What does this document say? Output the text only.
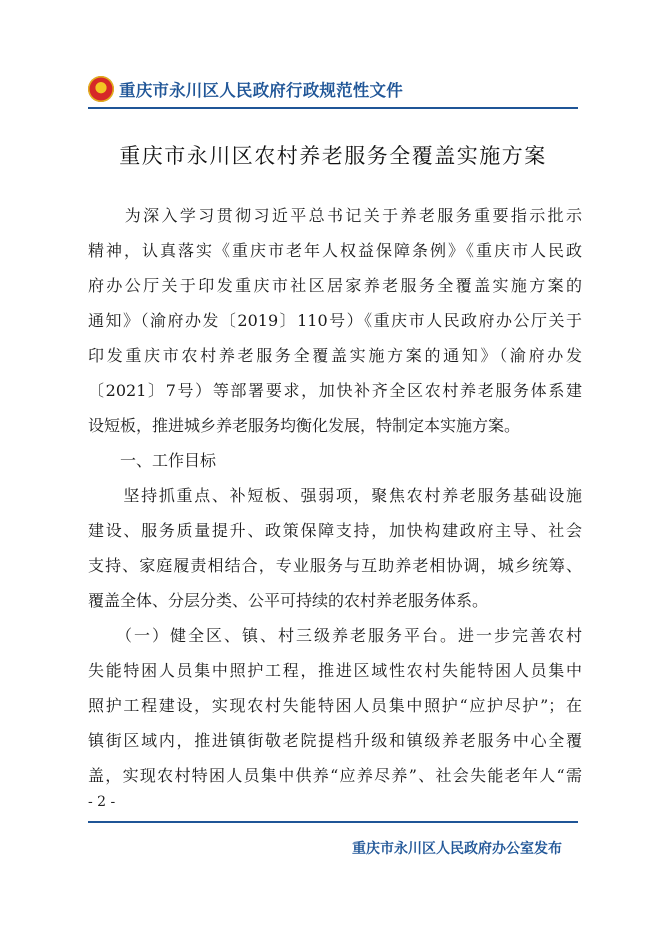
重庆市永川区人民政府行政规范性文件
重庆市永川区农村养老服务全覆盖实施方案
　　为深入学习贯彻习近平总书记关于养老服务重要指示批示
精神，认真落实《重庆市老年人权益保障条例》《重庆市人民政
府办公厅关于印发重庆市社区居家养老服务全覆盖实施方案的
通知》（渝府办发〔2019〕110号）《重庆市人民政府办公厅关于
印发重庆市农村养老服务全覆盖实施方案的通知》（渝府办发
〔2021〕7号）等部署要求，加快补齐全区农村养老服务体系建
设短板，推进城乡养老服务均衡化发展，特制定本实施方案。
　　一、工作目标
　　坚持抓重点、补短板、强弱项，聚焦农村养老服务基础设施
建设、服务质量提升、政策保障支持，加快构建政府主导、社会
支持、家庭履责相结合，专业服务与互助养老相协调，城乡统筹、
覆盖全体、分层分类、公平可持续的农村养老服务体系。
　　（一）健全区、镇、村三级养老服务平台。进一步完善农村
失能特困人员集中照护工程，推进区域性农村失能特困人员集中
照护工程建设，实现农村失能特困人员集中照护“应护尽护”；在
镇街区域内，推进镇街敬老院提档升级和镇级养老服务中心全覆
盖，实现农村特困人员集中供养“应养尽养”、社会失能老年人“需
- 2 -
重庆市永川区人民政府办公室发布
